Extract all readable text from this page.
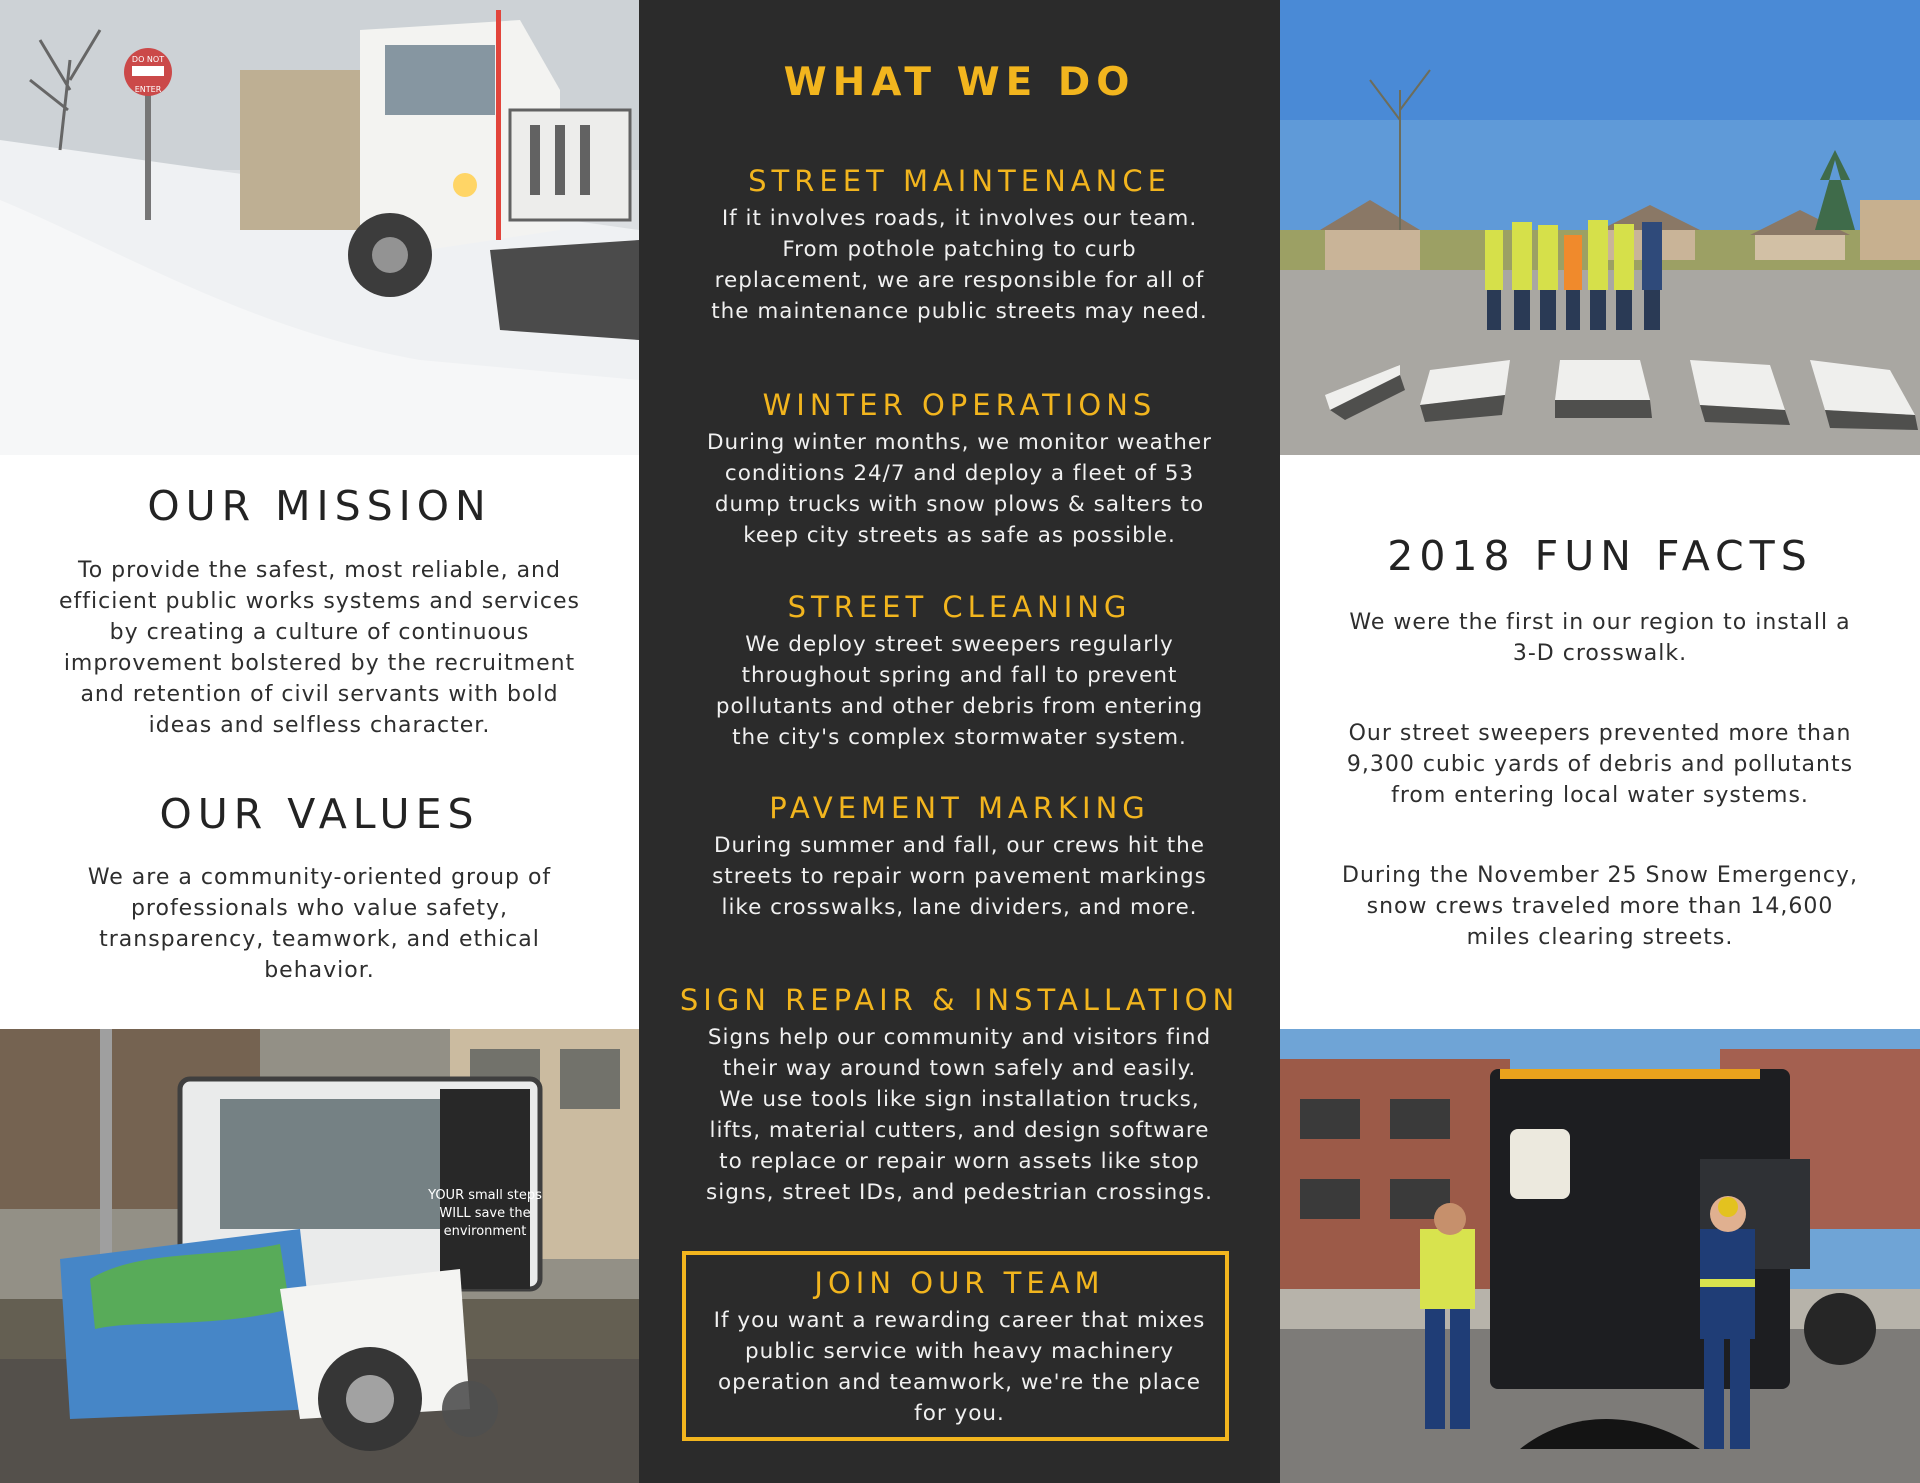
DO NOT
ENTER
OUR MISSION
To provide the safest, most reliable, and
efficient public works systems and services
by creating a culture of continuous
improvement bolstered by the recruitment
and retention of civil servants with bold
ideas and selfless character.
OUR VALUES
We are a community-oriented group of
professionals who value safety,
transparency, teamwork, and ethical
behavior.
YOUR small steps
WILL save the
environment
WHAT WE DO
STREET MAINTENANCE
If it involves roads, it involves our team.
From pothole patching to curb
replacement, we are responsible for all of
the maintenance public streets may need.
WINTER OPERATIONS
During winter months, we monitor weather
conditions 24/7 and deploy a fleet of 53
dump trucks with snow plows & salters to
keep city streets as safe as possible.
STREET CLEANING
We deploy street sweepers regularly
throughout spring and fall to prevent
pollutants and other debris from entering
the city's complex stormwater system.
PAVEMENT MARKING
During summer and fall, our crews hit the
streets to repair worn pavement markings
like crosswalks, lane dividers, and more.
SIGN REPAIR & INSTALLATION
Signs help our community and visitors find
their way around town safely and easily.
We use tools like sign installation trucks,
lifts, material cutters, and design software
to replace or repair worn assets like stop
signs, street IDs, and pedestrian crossings.
JOIN OUR TEAM
If you want a rewarding career that mixes
public service with heavy machinery
operation and teamwork, we're the place
for you.
2018 FUN FACTS
We were the first in our region to install a
3-D crosswalk.
Our street sweepers prevented more than
9,300 cubic yards of debris and pollutants
from entering local water systems.
During the November 25 Snow Emergency,
snow crews traveled more than 14,600
miles clearing streets.
